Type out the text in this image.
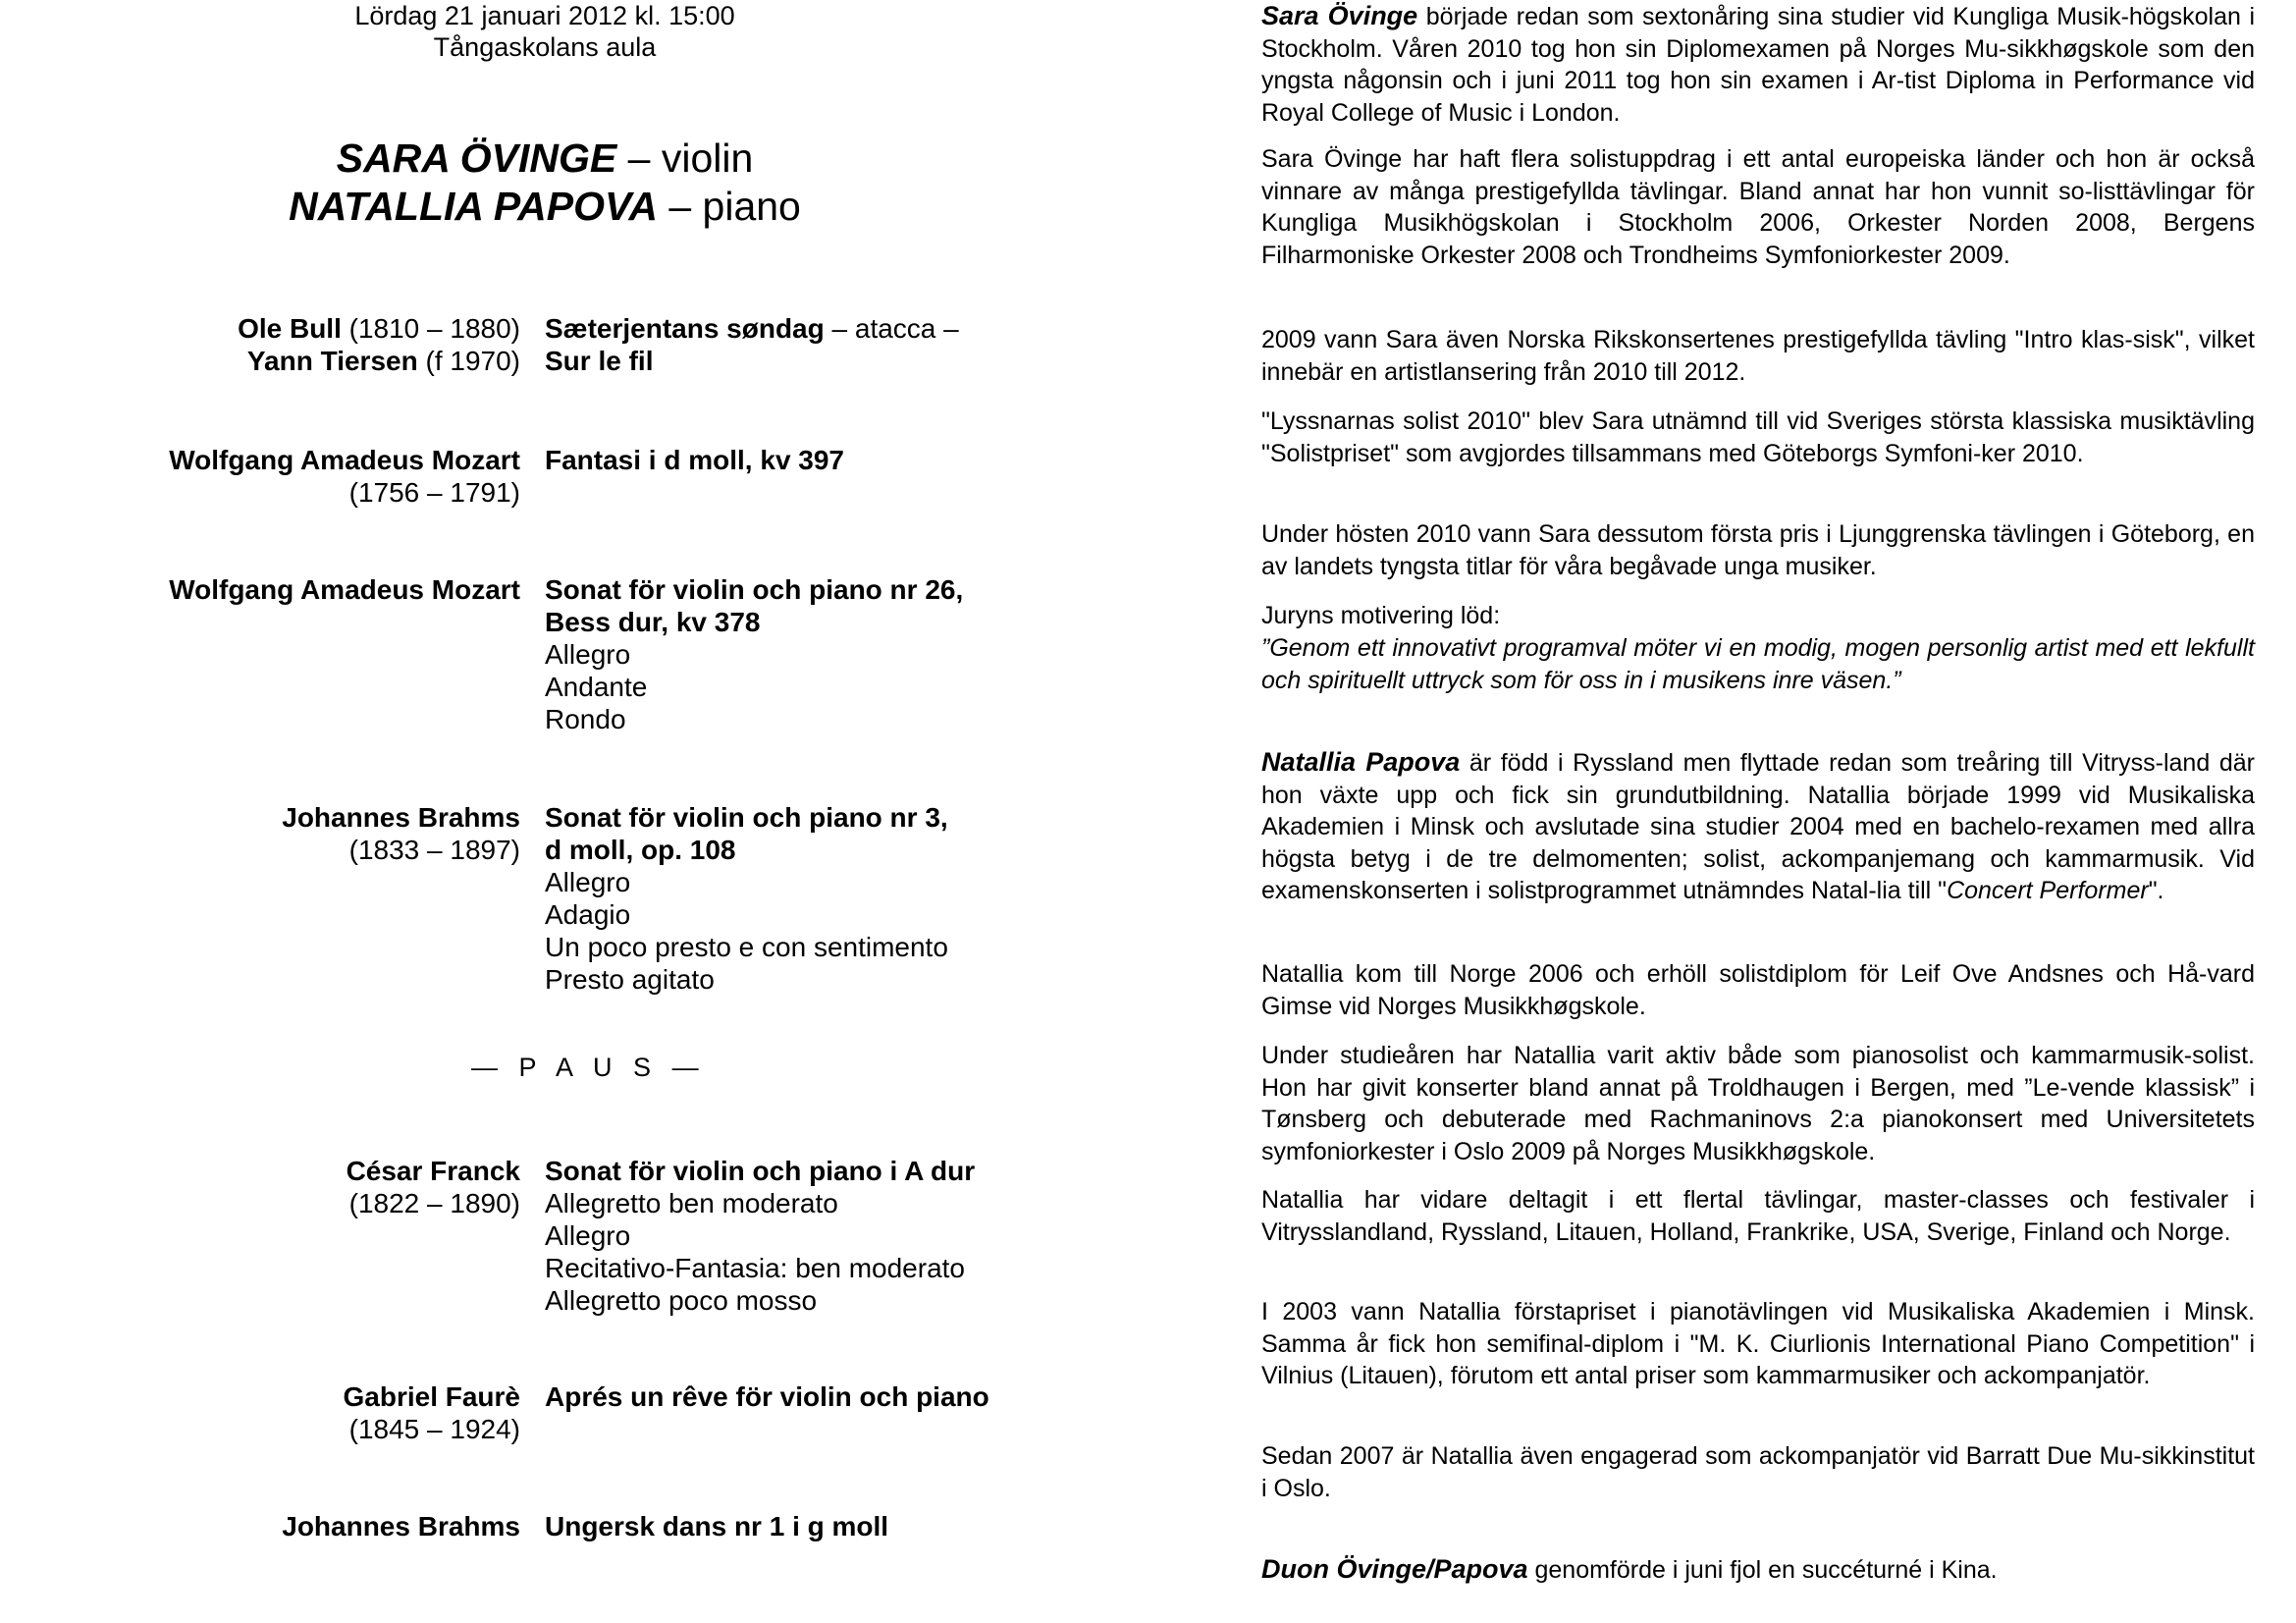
Lördag 21 januari 2012 kl. 15:00
Tångaskolans aula
SARA ÖVINGE – violin
NATALLIA PAPOVA – piano
Ole Bull (1810 – 1880) Sæterjentans søndag – atacca –
Yann Tiersen (f 1970) Sur le fil
Wolfgang Amadeus Mozart
(1756 – 1791)
Fantasi i d moll, kv 397
Wolfgang Amadeus Mozart Sonat för violin och piano nr 26,
Bess dur, kv 378
Allegro
Andante
Rondo
Johannes Brahms
(1833 – 1897)
Sonat för violin och piano nr 3,
d moll, op. 108
Allegro
Adagio
Un poco presto e con sentimento
Presto agitato
— P A U S —
César Franck
(1822 – 1890)
Sonat för violin och piano i A dur
Allegretto ben moderato
Allegro
Recitativo-Fantasia: ben moderato
Allegretto poco mosso
Gabriel Faurè
(1845 – 1924)
Aprés un rêve för violin och piano
Johannes Brahms Ungersk dans nr 1 i g moll

Sara Övinge började redan som sextonåring sina studier vid Kungliga Musik-högskolan i Stockholm. Våren 2010 tog hon sin Diplomexamen på Norges Mu-sikkhøgskole som den yngsta någonsin och i juni 2011 tog hon sin examen i Ar-tist Diploma in Performance vid Royal College of Music i London.

Sara Övinge har haft flera solistuppdrag i ett antal europeiska länder och hon är också vinnare av många prestigefyllda tävlingar. Bland annat har hon vunnit so-listtävlingar för Kungliga Musikhögskolan i Stockholm 2006, Orkester Norden 2008, Bergens Filharmoniske Orkester 2008 och Trondheims Symfoniorkester 2009.

2009 vann Sara även Norska Rikskonsertenes prestigefyllda tävling "Intro klas-sisk", vilket innebär en artistlansering från 2010 till 2012.

"Lyssnarnas solist 2010" blev Sara utnämnd till vid Sveriges största klassiska musiktävling "Solistpriset" som avgjordes tillsammans med Göteborgs Symfoni-ker 2010.

Under hösten 2010 vann Sara dessutom första pris i Ljunggrenska tävlingen i Göteborg, en av landets tyngsta titlar för våra begåvade unga musiker.

Juryns motivering löd:

”Genom ett innovativt programval möter vi en modig, mogen personlig artist med ett lekfullt och spirituellt uttryck som för oss in i musikens inre väsen.”

Natallia Papova är född i Ryssland men flyttade redan som treåring till Vitryss-land där hon växte upp och fick sin grundutbildning. Natallia började 1999 vid Musikaliska Akademien i Minsk och avslutade sina studier 2004 med en bachelo-rexamen med allra högsta betyg i de tre delmomenten; solist, ackompanjemang och kammarmusik. Vid examenskonserten i solistprogrammet utnämndes Natal-lia till "Concert Performer".

Natallia kom till Norge 2006 och erhöll solistdiplom för Leif Ove Andsnes och Hå-vard Gimse vid Norges Musikkhøgskole.

Under studieåren har Natallia varit aktiv både som pianosolist och kammarmusik-solist. Hon har givit konserter bland annat på Troldhaugen i Bergen, med ”Le-vende klassisk” i Tønsberg och debuterade med Rachmaninovs 2:a pianokonsert med Universitetets symfoniorkester i Oslo 2009 på Norges Musikkhøgskole.

Natallia har vidare deltagit i ett flertal tävlingar, master-classes och festivaler i Vitrysslandland, Ryssland, Litauen, Holland, Frankrike, USA, Sverige, Finland och Norge.

I 2003 vann Natallia förstapriset i pianotävlingen vid Musikaliska Akademien i Minsk. Samma år fick hon semifinal-diplom i "M. K. Ciurlionis International Piano Competition" i Vilnius (Litauen), förutom ett antal priser som kammarmusiker och ackompanjatör.

Sedan 2007 är Natallia även engagerad som ackompanjatör vid Barratt Due Mu-sikkinstitut i Oslo.

Duon Övinge/Papova genomförde i juni fjol en succéturné i Kina.
